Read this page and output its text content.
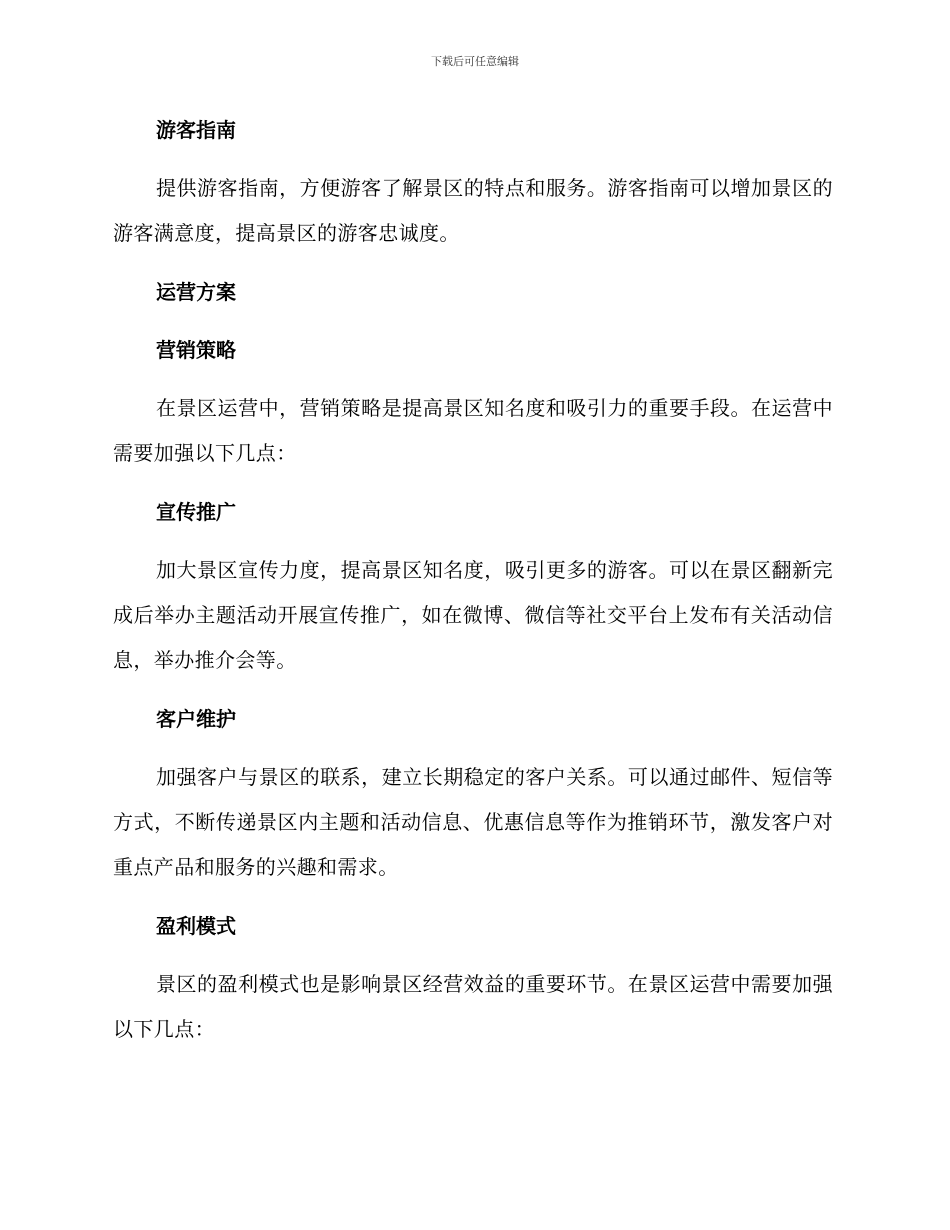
下载后可任意编辑
游客指南
提供游客指南，方便游客了解景区的特点和服务。游客指南可以增加景区的游客满意度，提高景区的游客忠诚度。
运营方案
营销策略
在景区运营中，营销策略是提高景区知名度和吸引力的重要手段。在运营中需要加强以下几点：
宣传推广
加大景区宣传力度，提高景区知名度，吸引更多的游客。可以在景区翻新完成后举办主题活动开展宣传推广，如在微博、微信等社交平台上发布有关活动信息，举办推介会等。
客户维护
加强客户与景区的联系，建立长期稳定的客户关系。可以通过邮件、短信等方式，不断传递景区内主题和活动信息、优惠信息等作为推销环节，激发客户对重点产品和服务的兴趣和需求。
盈利模式
景区的盈利模式也是影响景区经营效益的重要环节。在景区运营中需要加强以下几点：
